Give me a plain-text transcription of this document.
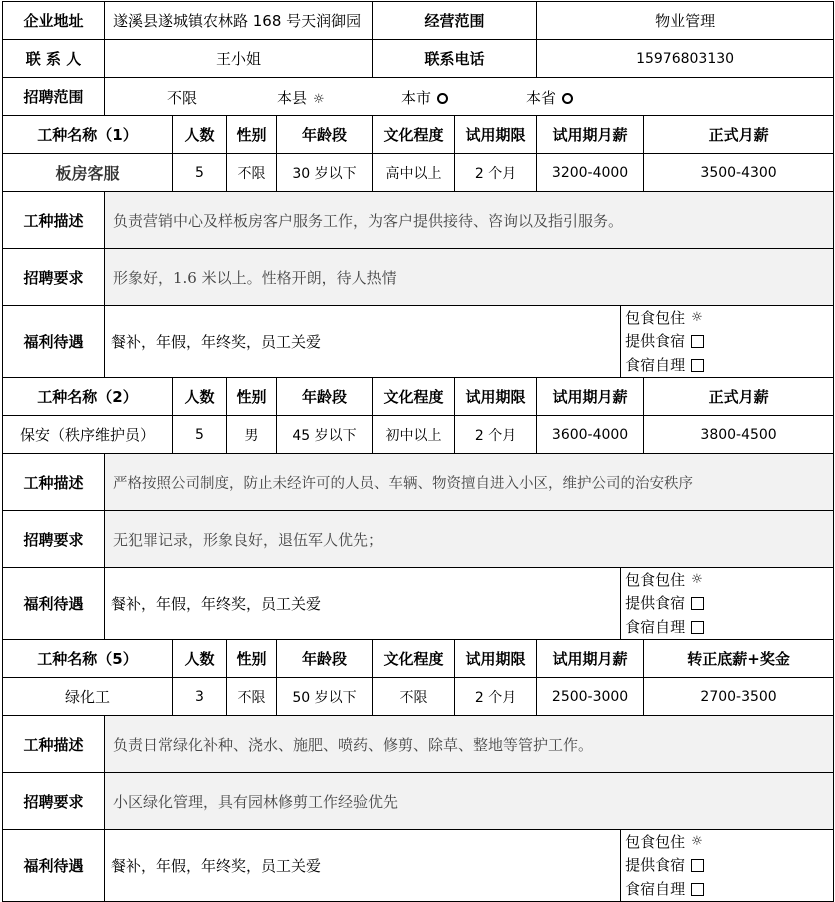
企业地址	遂溪县遂城镇农林路 168 号天润御园				经营范围		物业管理	
联 系 人	王小姐				联系电话		15976803130	
招聘范围	不限 本县 ☼ 本市 本省							

工种名称（1）		人数	性别	年龄段	文化程度	试用期限	试用期月薪	正式月薪
板房客服		5	不限	30 岁以下	高中以上	2 个月	3200-4000	3500-4300
工种描述	负责营销中心及样板房客户服务工作，为客户提供接待、咨询以及指引服务。							
招聘要求	形象好，1.6 米以上。性格开朗，待人热情							
福利待遇	餐补，年假，年终奖，员工关爱
包食包住 ☼
提供食宿
食宿自理							

工种名称（2）		人数	性别	年龄段	文化程度	试用期限	试用期月薪	正式月薪
保安（秩序维护员）		5	男	45 岁以下	初中以上	2 个月	3600-4000	3800-4500
工种描述	严格按照公司制度，防止未经许可的人员、车辆、物资擅自进入小区，维护公司的治安秩序							
招聘要求	无犯罪记录，形象良好，退伍军人优先；							
福利待遇	餐补，年假，年终奖，员工关爱
包食包住 ☼
提供食宿
食宿自理							

工种名称（5）		人数	性别	年龄段	文化程度	试用期限	试用期月薪	转正底薪+奖金
绿化工		3	不限	50 岁以下	不限	2 个月	2500-3000	2700-3500
工种描述	负责日常绿化补种、浇水、施肥、喷药、修剪、除草、整地等管护工作。							
招聘要求	小区绿化管理，具有园林修剪工作经验优先							
福利待遇	餐补，年假，年终奖，员工关爱
包食包住 ☼
提供食宿
食宿自理							
